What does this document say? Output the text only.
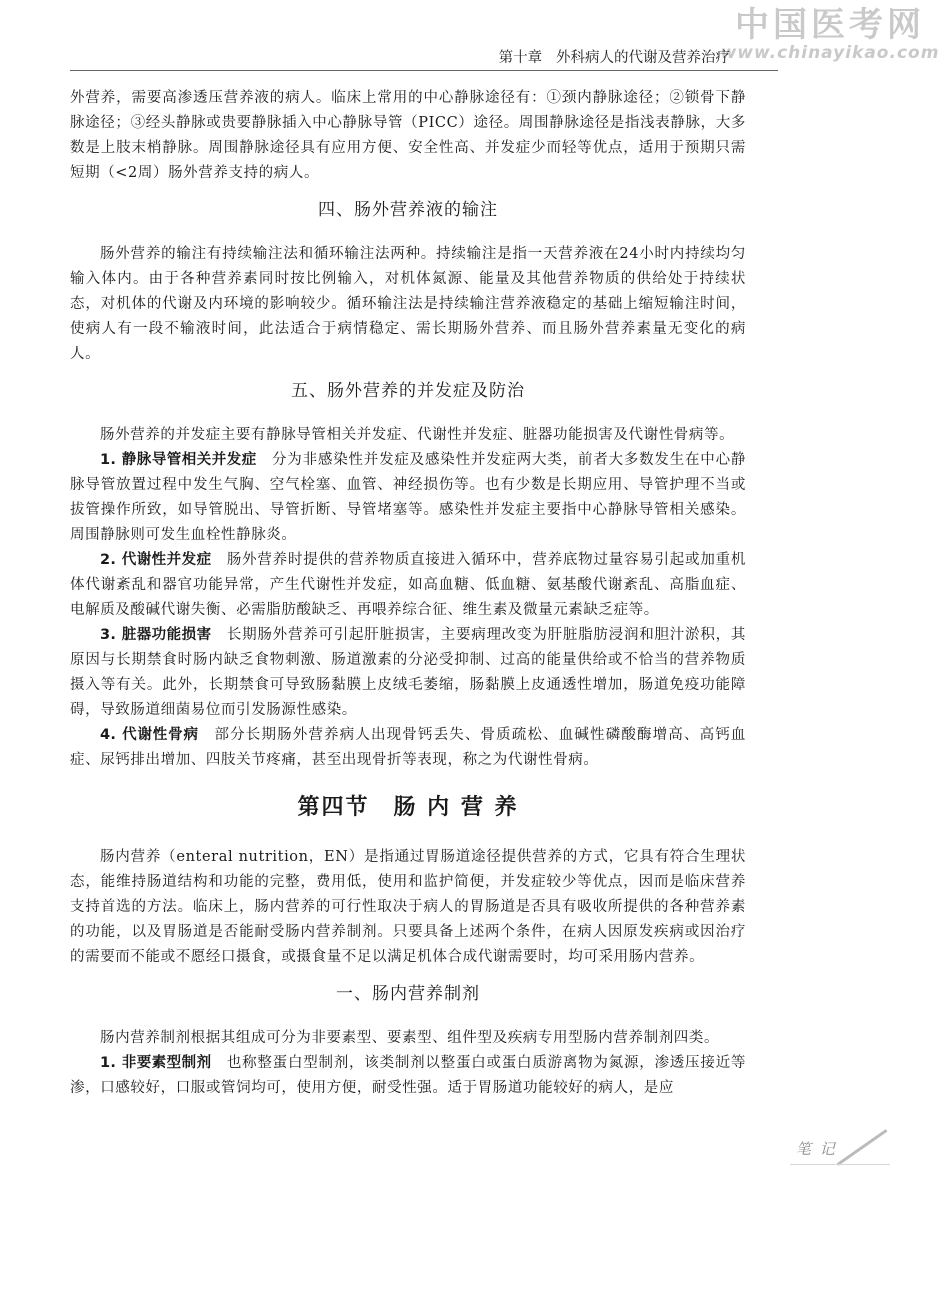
中国医考网
www.chinayikao.com
第十章 外科病人的代谢及营养治疗

外营养，需要高渗透压营养液的病人。临床上常用的中心静脉途径有：①颈内静脉途径；②锁骨下静脉途径；③经头静脉或贵要静脉插入中心静脉导管（PICC）途径。周围静脉途径是指浅表静脉，大多数是上肢末梢静脉。周围静脉途径具有应用方便、安全性高、并发症少而轻等优点，适用于预期只需短期（<2周）肠外营养支持的病人。

四、肠外营养液的输注

肠外营养的输注有持续输注法和循环输注法两种。持续输注是指一天营养液在24小时内持续均匀输入体内。由于各种营养素同时按比例输入，对机体氮源、能量及其他营养物质的供给处于持续状态，对机体的代谢及内环境的影响较少。循环输注法是持续输注营养液稳定的基础上缩短输注时间，使病人有一段不输液时间，此法适合于病情稳定、需长期肠外营养、而且肠外营养素量无变化的病人。

五、肠外营养的并发症及防治

肠外营养的并发症主要有静脉导管相关并发症、代谢性并发症、脏器功能损害及代谢性骨病等。

1. 静脉导管相关并发症　 分为非感染性并发症及感染性并发症两大类，前者大多数发生在中心静脉导管放置过程中发生气胸、空气栓塞、血管、神经损伤等。也有少数是长期应用、导管护理不当或拔管操作所致，如导管脱出、导管折断、导管堵塞等。感染性并发症主要指中心静脉导管相关感染。周围静脉则可发生血栓性静脉炎。

2. 代谢性并发症　 肠外营养时提供的营养物质直接进入循环中，营养底物过量容易引起或加重机体代谢紊乱和器官功能异常，产生代谢性并发症，如高血糖、低血糖、氨基酸代谢紊乱、高脂血症、电解质及酸碱代谢失衡、必需脂肪酸缺乏、再喂养综合征、维生素及微量元素缺乏症等。

3. 脏器功能损害　 长期肠外营养可引起肝脏损害，主要病理改变为肝脏脂肪浸润和胆汁淤积，其原因与长期禁食时肠内缺乏食物刺激、肠道激素的分泌受抑制、过高的能量供给或不恰当的营养物质摄入等有关。此外，长期禁食可导致肠黏膜上皮绒毛萎缩，肠黏膜上皮通透性增加，肠道免疫功能障碍，导致肠道细菌易位而引发肠源性感染。

4. 代谢性骨病　 部分长期肠外营养病人出现骨钙丢失、骨质疏松、血碱性磷酸酶增高、高钙血症、尿钙排出增加、四肢关节疼痛，甚至出现骨折等表现，称之为代谢性骨病。

第四节　肠 内 营 养

肠内营养（enteral nutrition，EN）是指通过胃肠道途径提供营养的方式，它具有符合生理状态，能维持肠道结构和功能的完整，费用低，使用和监护简便，并发症较少等优点，因而是临床营养支持首选的方法。临床上，肠内营养的可行性取决于病人的胃肠道是否具有吸收所提供的各种营养素的功能，以及胃肠道是否能耐受肠内营养制剂。只要具备上述两个条件，在病人因原发疾病或因治疗的需要而不能或不愿经口摄食，或摄食量不足以满足机体合成代谢需要时，均可采用肠内营养。

一、肠内营养制剂

肠内营养制剂根据其组成可分为非要素型、要素型、组件型及疾病专用型肠内营养制剂四类。

1. 非要素型制剂　 也称整蛋白型制剂，该类制剂以整蛋白或蛋白质游离物为氮源，渗透压接近等渗，口感较好，口服或管饲均可，使用方便，耐受性强。适于胃肠道功能较好的病人，是应

笔 记
